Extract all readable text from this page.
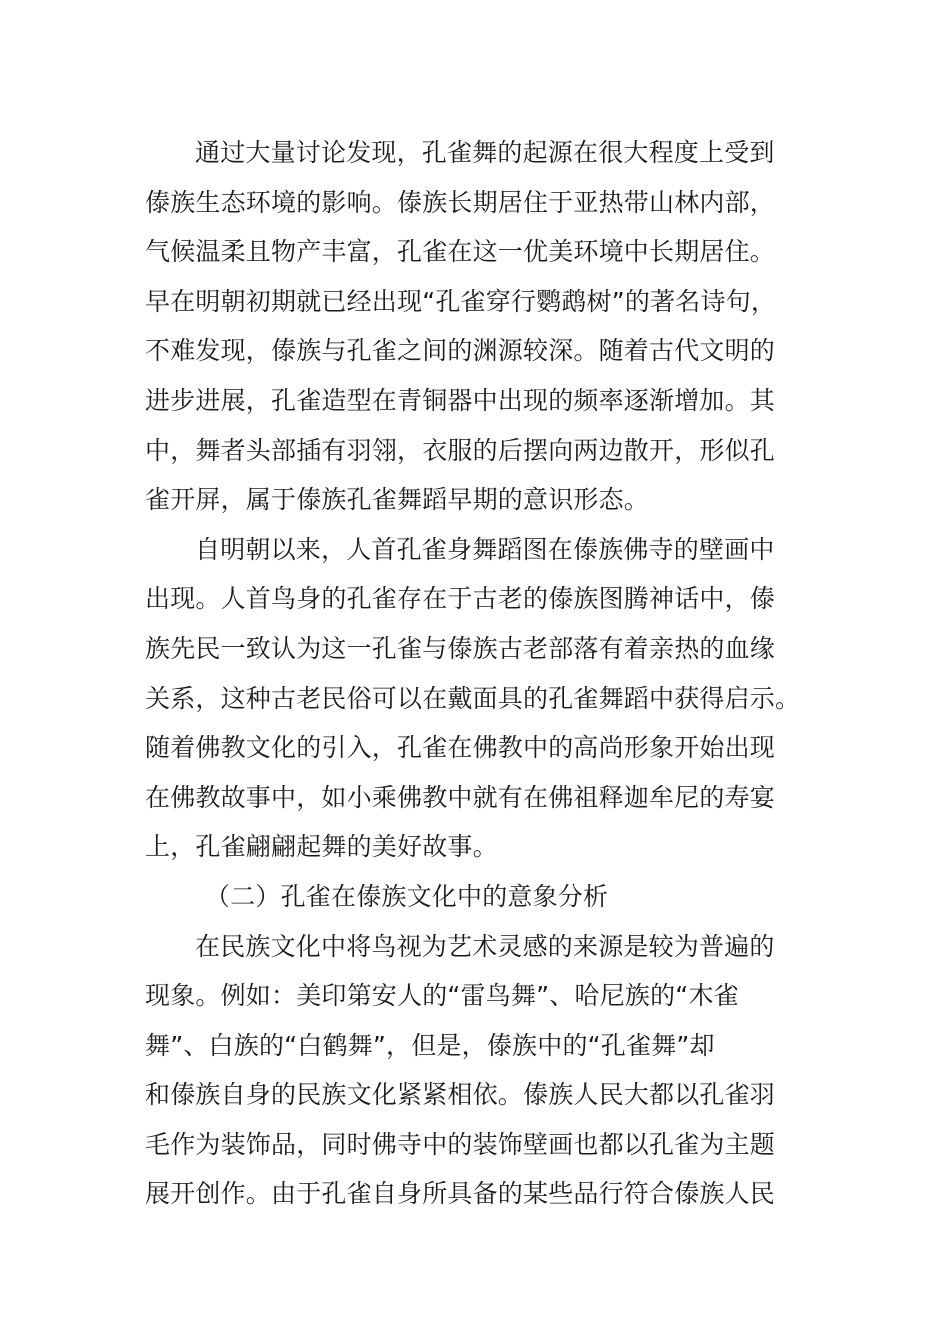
通过大量讨论发现，孔雀舞的起源在很大程度上受到
傣族生态环境的影响。傣族长期居住于亚热带山林内部，
气候温柔且物产丰富，孔雀在这一优美环境中长期居住。
早在明朝初期就已经出现“孔雀穿行鹦鹉树”的著名诗句，
不难发现，傣族与孔雀之间的渊源较深。随着古代文明的
进步进展，孔雀造型在青铜器中出现的频率逐渐增加。其
中，舞者头部插有羽翎，衣服的后摆向两边散开，形似孔
雀开屏，属于傣族孔雀舞蹈早期的意识形态。
自明朝以来，人首孔雀身舞蹈图在傣族佛寺的壁画中
出现。人首鸟身的孔雀存在于古老的傣族图腾神话中，傣
族先民一致认为这一孔雀与傣族古老部落有着亲热的血缘
关系，这种古老民俗可以在戴面具的孔雀舞蹈中获得启示。
随着佛教文化的引入，孔雀在佛教中的高尚形象开始出现
在佛教故事中，如小乘佛教中就有在佛祖释迦牟尼的寿宴
上，孔雀翩翩起舞的美好故事。
（二）孔雀在傣族文化中的意象分析
在民族文化中将鸟视为艺术灵感的来源是较为普遍的
现象。例如：美印第安人的“雷鸟舞”、哈尼族的“木雀
舞”、白族的“白鹤舞”，但是，傣族中的“孔雀舞”却
和傣族自身的民族文化紧紧相依。傣族人民大都以孔雀羽
毛作为装饰品，同时佛寺中的装饰壁画也都以孔雀为主题
展开创作。由于孔雀自身所具备的某些品行符合傣族人民
